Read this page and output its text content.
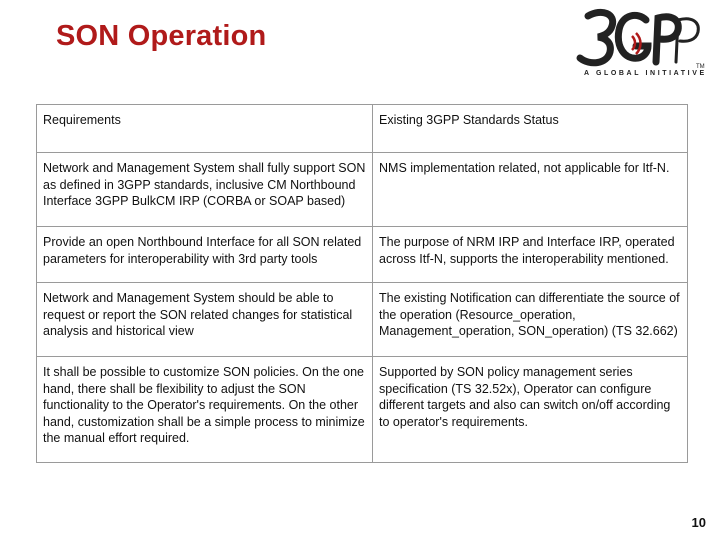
SON Operation
TM
A GLOBAL INITIATIVE
Requirements	Existing 3GPP Standards Status
Network and Management System shall fully support SON as defined in 3GPP standards, inclusive CM Northbound Interface 3GPP BulkCM IRP (CORBA or SOAP based)	NMS implementation related, not applicable for Itf-N.
Provide an open Northbound Interface for all SON related parameters for interoperability with 3rd party tools	The purpose of NRM IRP and Interface IRP, operated across Itf-N, supports the interoperability mentioned.
Network and Management System should be able to request or report the SON related changes for statistical analysis and historical view	The existing Notification can differentiate the source of the operation (Resource_operation, Management_operation, SON_operation) (TS 32.662)
It shall be possible to customize SON policies. On the one hand, there shall be flexibility to adjust the SON functionality to the Operator's requirements. On the other hand, customization shall be a simple process to minimize the manual effort required.	Supported by SON policy management series specification (TS 32.52x), Operator can configure different targets and also can switch on/off according to operator's requirements.
10
